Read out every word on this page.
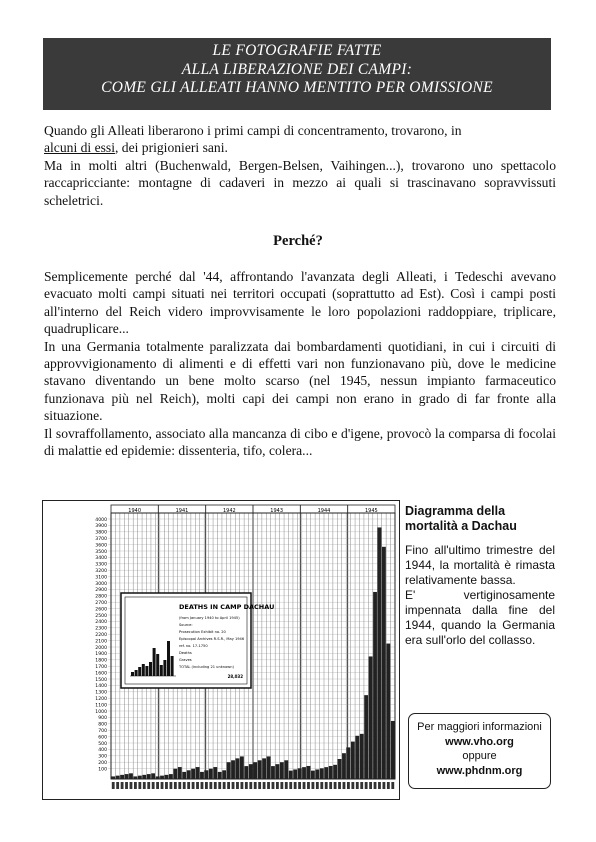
LE FOTOGRAFIE FATTE
ALLA LIBERAZIONE DEI CAMPI:
COME GLI ALLEATI HANNO MENTITO PER OMISSIONE

Quando gli Alleati liberarono i primi campi di concentramento, trovarono, in
alcuni di essi, dei prigionieri sani.

Ma in molti altri (Buchenwald, Bergen-Belsen, Vaihingen...), trovarono uno spettacolo raccapricciante: montagne di cadaveri in mezzo ai quali si trascinavano sopravvissuti scheletrici.

Perché?

Semplicemente perché dal '44, affrontando l'avanzata degli Alleati, i Tedeschi avevano evacuato molti campi situati nei territori occupati (soprattutto ad Est). Così i campi posti all'interno del Reich videro improvvisamente le loro popolazioni raddoppiare, triplicare, quadruplicare...

In una Germania totalmente paralizzata dai bombardamenti quotidiani, in cui i circuiti di approvvigionamento di alimenti e di effetti vari non funzionavano più, dove le medicine stavano diventando un bene molto scarso (nel 1945, nessun impianto farmaceutico funzionava più nel Reich), molti capi dei campi non erano in grado di far fronte alla situazione.

Il sovraffollamento, associato alla mancanza di cibo e d'igene, provocò la comparsa di focolai di malattie ed epidemie: dissenteria, tifo, colera...

1940	1941	1942	1943	1944	1945
4000
3900
3800
3700
3600
3500
3400
3300
3200
3100
3000
2900
2800
2700
2600
2500
2400
2300
2200
2100
2000
1900
1800
1700
1600
1500
1400
1300
1200
1100
1000
900
800
700
600
500
400
300
200
100
DEATHS IN CAMP DACHAU
(from January 1940 to April 1945)
Source:
Prosecution Exhibit no. 20
Episcopal Archives R.S.R., May 1946
ref. no. 17-1750
Deaths
Graves
TOTAL (including 21 unknown)
28,032
Diagramma della
mortalità a Dachau

Fino all'ultimo trimestre del 1944, la mortalità è rimasta relativamente bassa.

E' vertiginosamente impennata dalla fine del 1944, quando la Germania era sull'orlo del collasso.

Per maggiori informazioni
www.vho.org
oppure
www.phdnm.org
